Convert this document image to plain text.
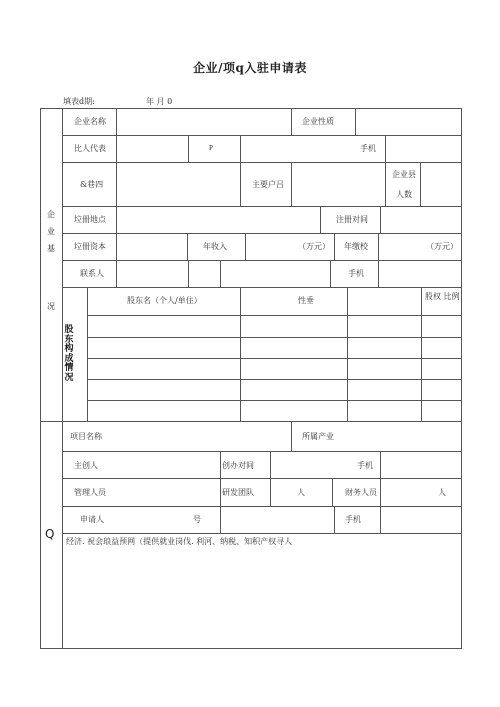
企业/项q入驻申请表
填表d期:	年 月 0
企
业
基
况
企业名称	企业性质
比人代表	₽	手机
&巷四	主要户吕
企业县
人数
垃冊地点	注冊对间
垃冊资本	年收入	（万元） 年缴校	（万元）
联系人	手机
股东构成情况
股东名（个人/单住）	性垂	股权 比例
Q
项目名称	所属产业
主创人	创办对间	手机
管理人员	研发团队	人	财务人员	人
申请人	号	手机
经济. 祝会琅益预网（提供就业岗伐. 利河、纳税、知积产权寻人
